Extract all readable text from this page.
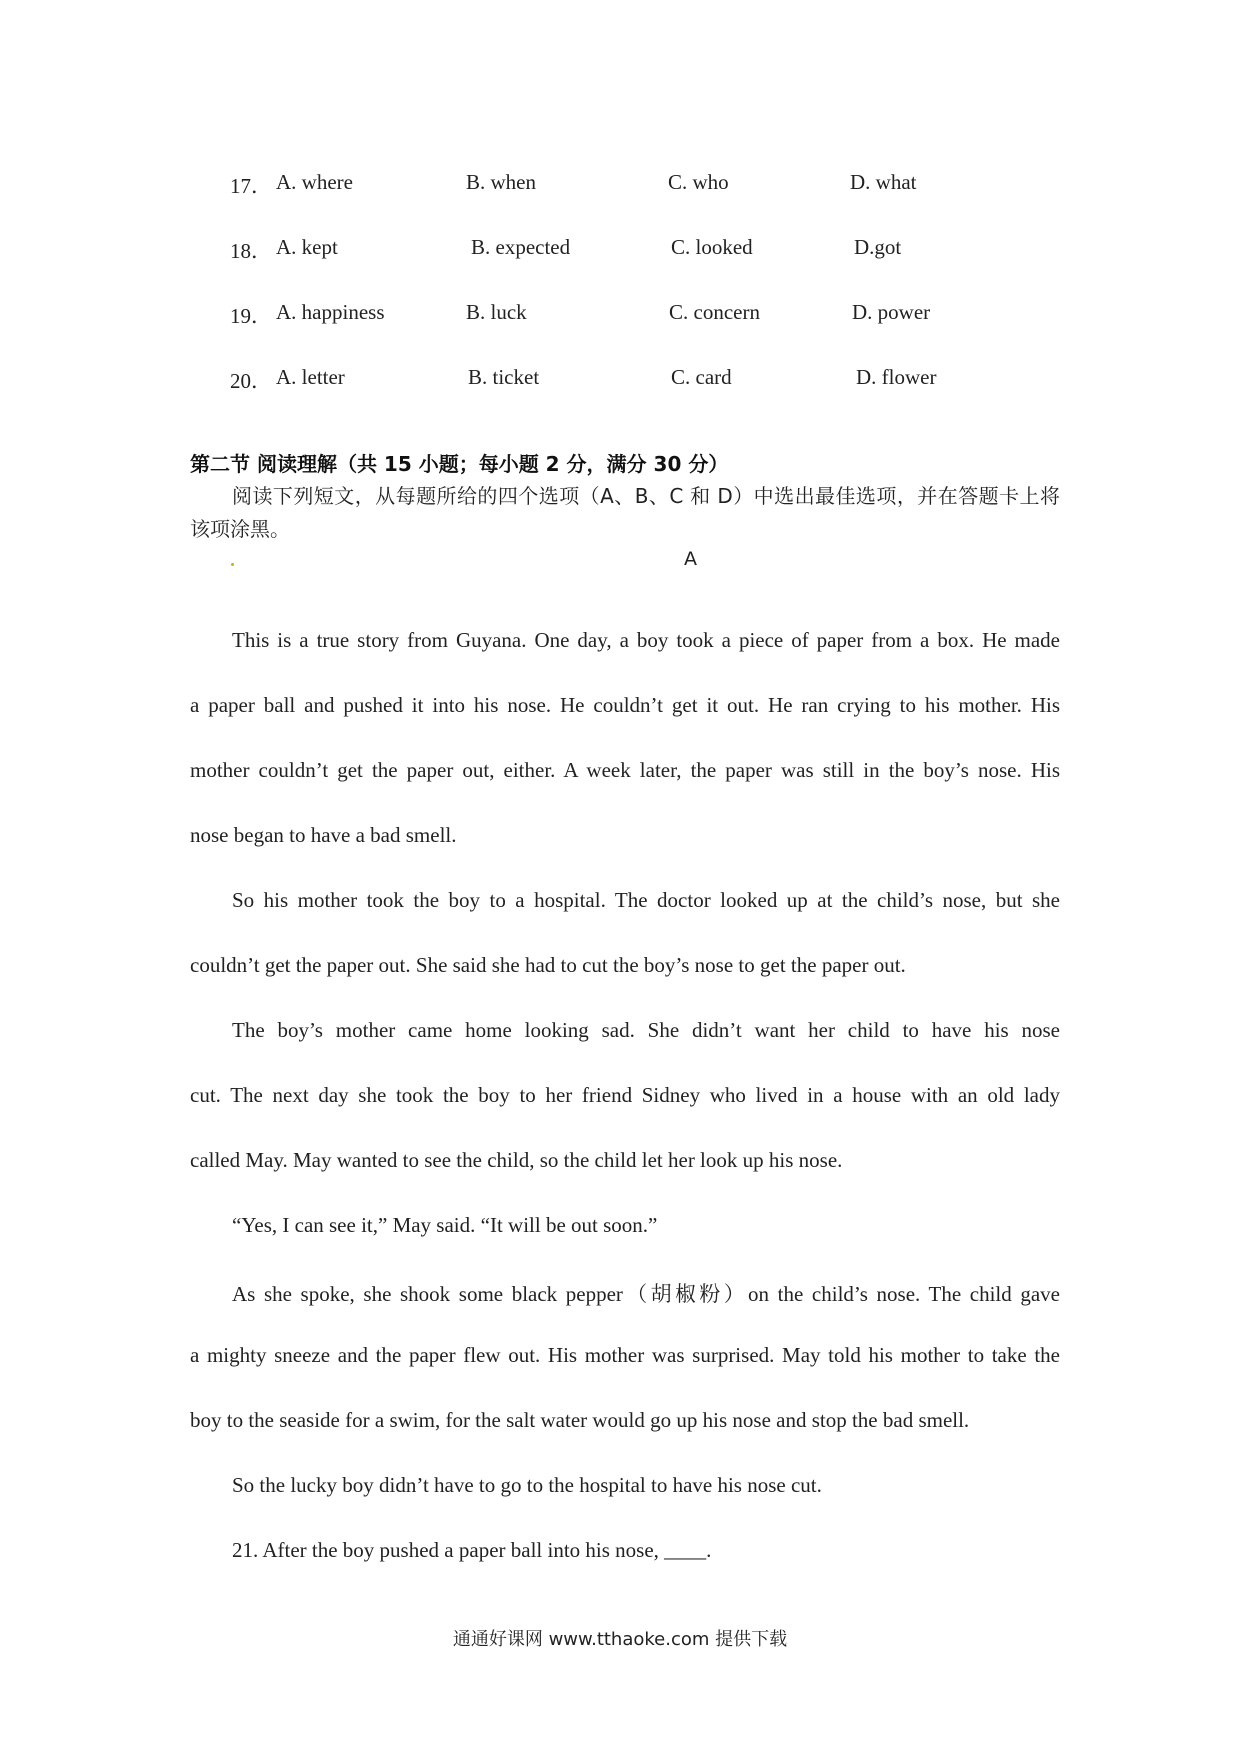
17． A. where	B. when	C. who	D. what
18． A. kept	B. expected	C. looked	D.got
19． A. happiness	B. luck	C. concern	D. power
20． A. letter	B. ticket	C. card	D. flower
第二节 阅读理解（共 15 小题；每小题 2 分，满分 30 分）
阅读下列短文，从每题所给的四个选项（A、B、C 和 D）中选出最佳选项，并在答题卡上将该项涂黑。
A
This is a true story from Guyana. One day, a boy took a piece of paper from a box. He made
a paper ball and pushed it into his nose. He couldn’t get it out. He ran crying to his mother. His
mother couldn’t get the paper out, either. A week later, the paper was still in the boy’s nose. His
nose began to have a bad smell.
So his mother took the boy to a hospital. The doctor looked up at the child’s nose, but she
couldn’t get the paper out. She said she had to cut the boy’s nose to get the paper out.
The boy’s mother came home looking sad. She didn’t want her child to have his nose
cut. The next day she took the boy to her friend Sidney who lived in a house with an old lady
called May. May wanted to see the child, so the child let her look up his nose.
“Yes, I can see it,” May said. “It will be out soon.”
As she spoke, she shook some black pepper（胡椒粉）on the child’s nose. The child gave
a mighty sneeze and the paper flew out. His mother was surprised. May told his mother to take the
boy to the seaside for a swim, for the salt water would go up his nose and stop the bad smell.
So the lucky boy didn’t have to go to the hospital to have his nose cut.
21. After the boy pushed a paper ball into his nose, ____.
通通好课网 www.tthaoke.com 提供下载
